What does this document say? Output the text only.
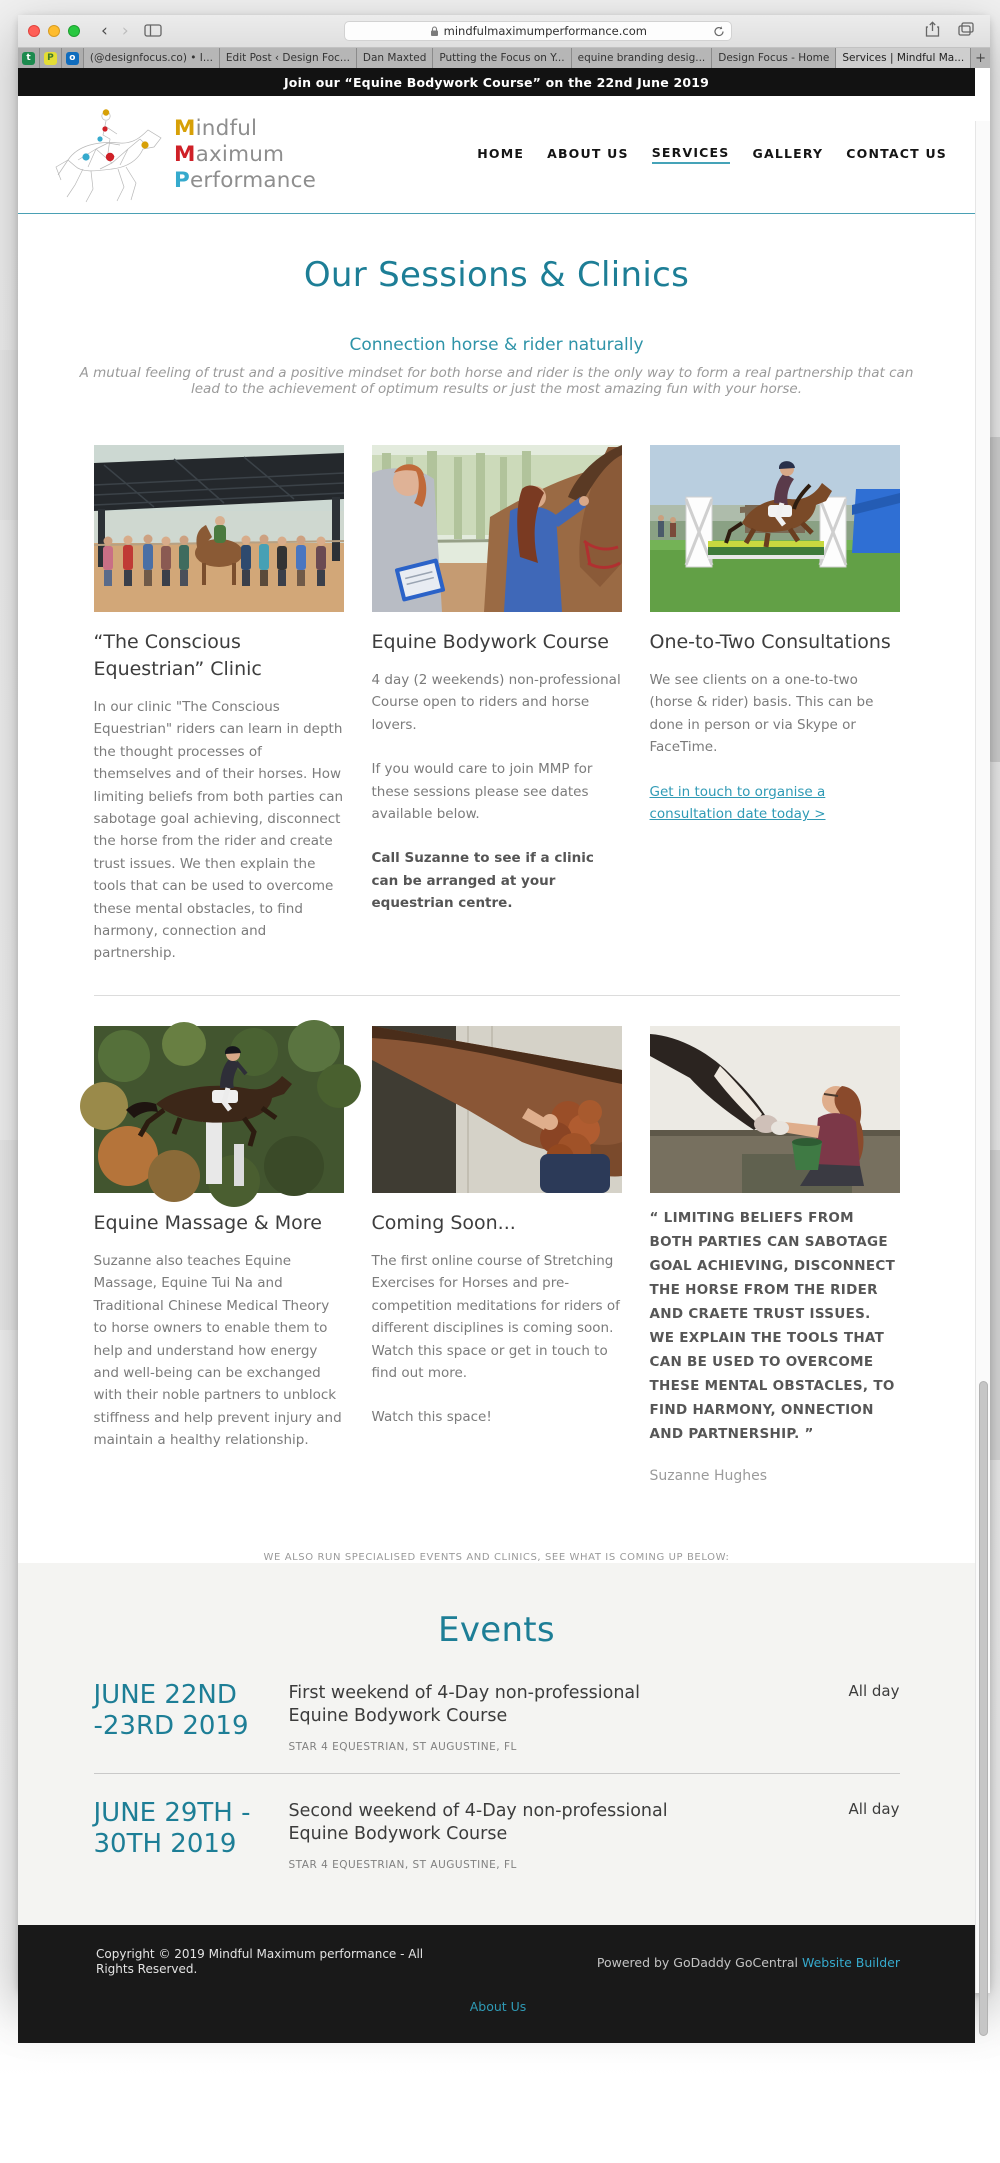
‹ ›	mindfulmaximumperformance.com
t	P	o	(@designfocus.co) • I...	Edit Post ‹ Design Foc...	Dan Maxted	Putting the Focus on Y...	equine branding desig...	Design Focus - Home	Services | Mindful Ma... +
Join our “Equine Bodywork Course” on the 22nd June 2019
Mindful
Maximum
Performance
HOME ABOUT US SERVICES GALLERY CONTACT US
Our Sessions & Clinics
Connection horse & rider naturally

A mutual feeling of trust and a positive mindset for both horse and rider is the only way to form a real partnership that can lead to the achievement of optimum results or just the most amazing fun with your horse.

“The Conscious Equestrian” Clinic

In our clinic "The Conscious Equestrian" riders can learn in depth the thought processes of themselves and of their horses. How limiting beliefs from both parties can sabotage goal achieving, disconnect the horse from the rider and create trust issues. We then explain the tools that can be used to overcome these mental obstacles, to find harmony, connection and partnership.

Equine Bodywork Course

4 day (2 weekends) non-professional Course open to riders and horse lovers.

If you would care to join MMP for these sessions please see dates available below.

Call Suzanne to see if a clinic can be arranged at your equestrian centre.

One-to-Two Consultations

We see clients on a one-to-two (horse & rider) basis. This can be done in person or via Skype or FaceTime.

Get in touch to organise a consultation date today >
Equine Massage & More

Suzanne also teaches Equine Massage, Equine Tui Na and Traditional Chinese Medical Theory to horse owners to enable them to help and understand how energy and well-being can be exchanged with their noble partners to unblock stiffness and help prevent injury and maintain a healthy relationship.

Coming Soon...

The first online course of Stretching Exercises for Horses and pre-competition meditations for riders of different disciplines is coming soon. Watch this space or get in touch to find out more.

Watch this space!

“ LIMITING BELIEFS FROM BOTH PARTIES CAN SABOTAGE GOAL ACHIEVING, DISCONNECT THE HORSE FROM THE RIDER AND CRAETE TRUST ISSUES.
WE EXPLAIN THE TOOLS THAT CAN BE USED TO OVERCOME THESE MENTAL OBSTACLES, TO FIND HARMONY, ONNECTION AND PARTNERSHIP. ”
Suzanne Hughes
WE ALSO RUN SPECIALISED EVENTS AND CLINICS, SEE WHAT IS COMING UP BELOW:
Events
JUNE 22ND
-23RD 2019
First weekend of 4-Day non-professional Equine Bodywork Course
STAR 4 EQUESTRIAN, ST AUGUSTINE, FL
All day
JUNE 29TH -
30TH 2019
Second weekend of 4-Day non-professional Equine Bodywork Course
STAR 4 EQUESTRIAN, ST AUGUSTINE, FL
All day
Copyright © 2019 Mindful Maximum performance - All Rights Reserved.	Powered by GoDaddy GoCentral Website Builder
About Us
